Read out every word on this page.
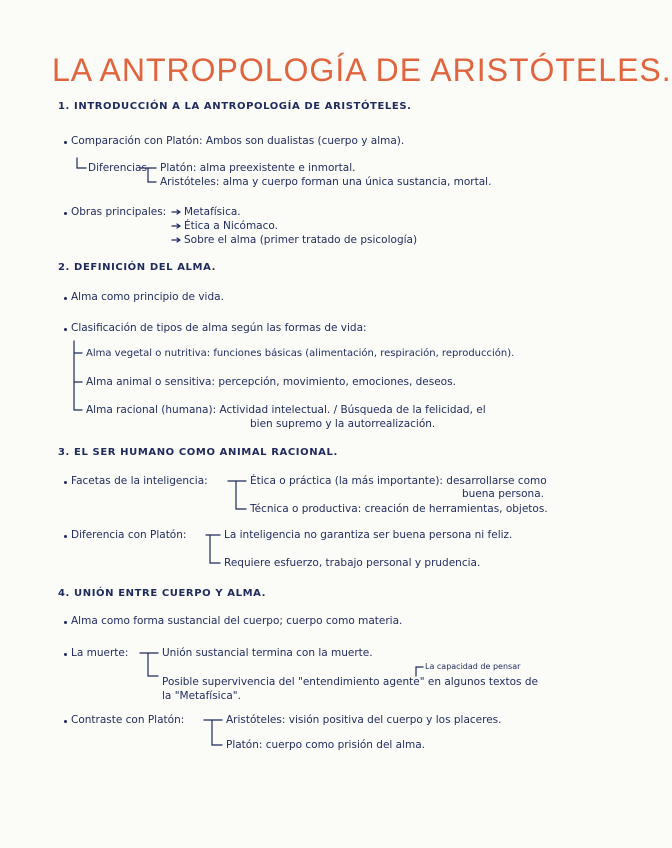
LA ANTROPOLOGÍA DE ARISTÓTELES.
1. INTRODUCCIÓN A LA ANTROPOLOGÍA DE ARISTÓTELES.
Comparación con Platón: Ambos son dualistas (cuerpo y alma).
Diferencias Platón: alma preexistente e inmortal.
Aristóteles: alma y cuerpo forman una única sustancia, mortal.
Obras principales: Metafísica.
Ética a Nicómaco.
Sobre el alma (primer tratado de psicología)
2. DEFINICIÓN DEL ALMA.
Alma como principio de vida.
Clasificación de tipos de alma según las formas de vida:
Alma vegetal o nutritiva: funciones básicas (alimentación, respiración, reproducción).
Alma animal o sensitiva: percepción, movimiento, emociones, deseos.
Alma racional (humana): Actividad intelectual. / Búsqueda de la felicidad, el
bien supremo y la autorrealización.
3. EL SER HUMANO COMO ANIMAL RACIONAL.
Facetas de la inteligencia:	Ética o práctica (la más importante): desarrollarse como
buena persona.
Técnica o productiva: creación de herramientas, objetos.
Diferencia con Platón:	La inteligencia no garantiza ser buena persona ni feliz.
Requiere esfuerzo, trabajo personal y prudencia.
4. UNIÓN ENTRE CUERPO Y ALMA.
Alma como forma sustancial del cuerpo; cuerpo como materia.
La muerte:	Unión sustancial termina con la muerte.
La capacidad de pensar
Posible supervivencia del "entendimiento agente" en algunos textos de
la "Metafísica".
Contraste con Platón:	Aristóteles: visión positiva del cuerpo y los placeres.
Platón: cuerpo como prisión del alma.
